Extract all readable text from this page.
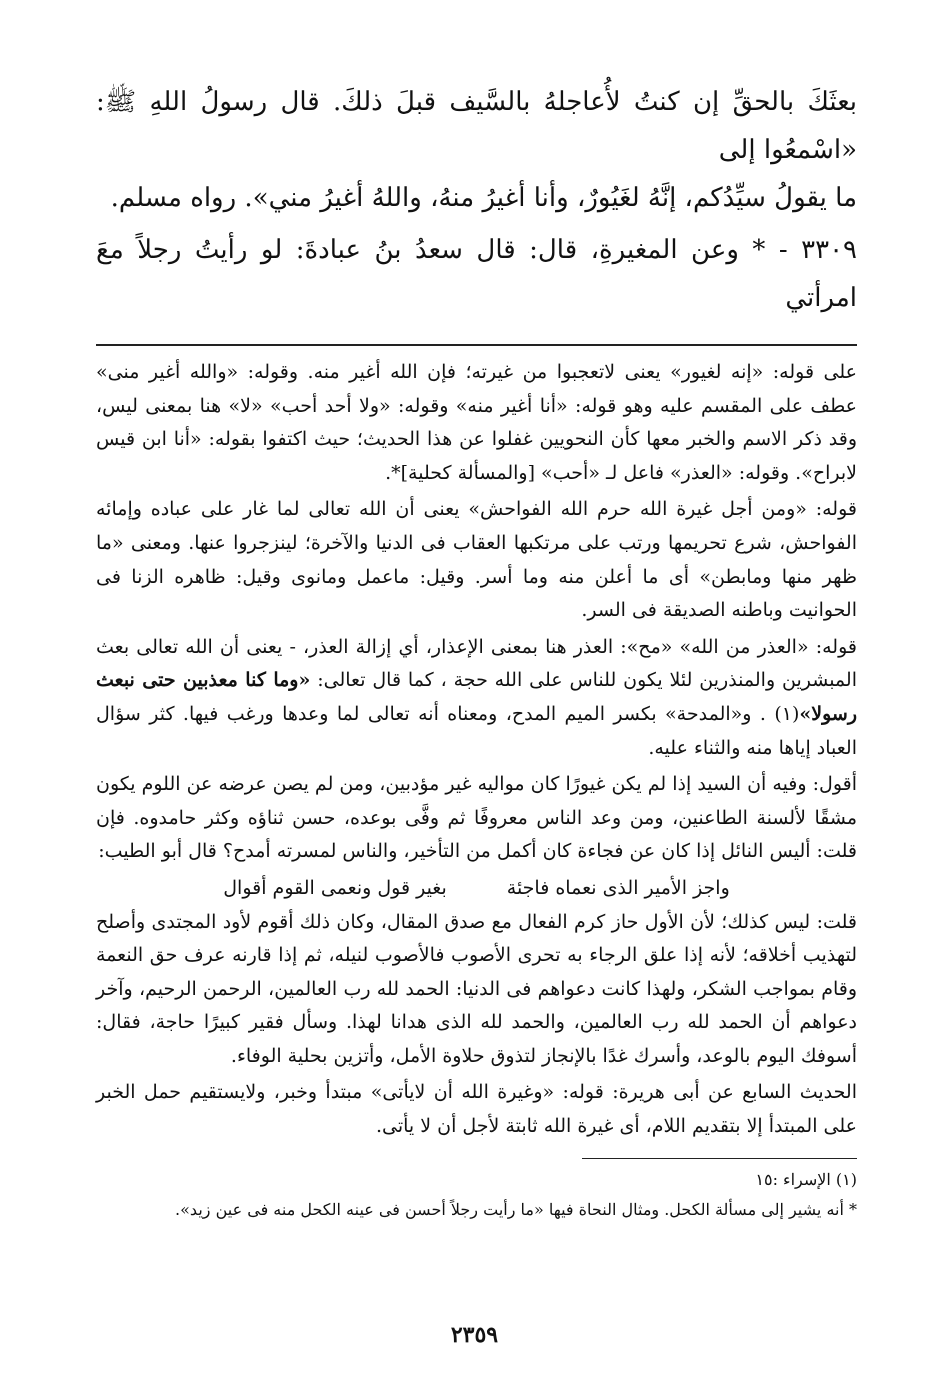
بعثَكَ بالحقِّ إن كنتُ لأُعاجلهُ بالسَّيف قبلَ ذلكَ. قال رسولُ اللهِ ﷺ: «اسْمعُوا إلى

ما يقولُ سيِّدُكم، إنَّهُ لغَيُورٌ، وأنا أغيرُ منهُ، واللهُ أغيرُ مني». رواه مسلم.

٣٣٠٩ - * وعن المغيرةِ، قال: قال سعدُ بنُ عبادةَ: لو رأيتُ رجلاً معَ امرأتي

على قوله: «إنه لغيور» يعنى لاتعجبوا من غيرته؛ فإن الله أغير منه. وقوله: «والله أغير منى» عطف على المقسم عليه وهو قوله: «أنا أغير منه» وقوله: «ولا أحد أحب» «لا» هنا بمعنى ليس، وقد ذكر الاسم والخبر معها كأن النحويين غفلوا عن هذا الحديث؛ حيث اكتفوا بقوله: «أنا ابن قيس لابراح». وقوله: «العذر» فاعل لـ «أحب» [والمسألة كحلية]*.

قوله: «ومن أجل غيرة الله حرم الله الفواحش» يعنى أن الله تعالى لما غار على عباده وإمائه الفواحش، شرع تحريمها ورتب على مرتكبها العقاب فى الدنيا والآخرة؛ لينزجروا عنها. ومعنى «ما ظهر منها ومابطن» أى ما أعلن منه وما أسر. وقيل: ماعمل ومانوى وقيل: ظاهره الزنا فى الحوانيت وباطنه الصديقة فى السر.

قوله: «العذر من الله» «مح»: العذر هنا بمعنى الإعذار، أي إزالة العذر، - يعنى أن الله تعالى بعث المبشرين والمنذرين لئلا يكون للناس على الله حجة ، كما قال تعالى: «وما كنا معذبين حتى نبعث رسولا»(١) . و«المدحة» بكسر الميم المدح، ومعناه أنه تعالى لما وعدها ورغب فيها. كثر سؤال العباد إياها منه والثناء عليه.

أقول: وفيه أن السيد إذا لم يكن غيورًا كان مواليه غير مؤدبين، ومن لم يصن عرضه عن اللوم يكون مشقًا لألسنة الطاعنين، ومن وعد الناس معروفًا ثم وفَّى بوعده، حسن ثناؤه وكثر حامدوه. فإن قلت: أليس النائل إذا كان عن فجاءة كان أكمل من التأخير، والناس لمسرته أمدح؟ قال أبو الطيب:

واجز الأمير الذى نعماه فاجئة
بغير قول ونعمى القوم أقوال

قلت: ليس كذلك؛ لأن الأول حاز كرم الفعال مع صدق المقال، وكان ذلك أقوم لأود المجتدى وأصلح لتهذيب أخلاقه؛ لأنه إذا علق الرجاء به تحرى الأصوب فالأصوب لنيله، ثم إذا قارنه عرف حق النعمة وقام بمواجب الشكر، ولهذا كانت دعواهم فى الدنيا: الحمد لله رب العالمين، الرحمن الرحيم، وآخر دعواهم أن الحمد لله رب العالمين، والحمد لله الذى هدانا لهذا. وسأل فقير كبيرًا حاجة، فقال: أسوفك اليوم بالوعد، وأسرك غدًا بالإنجاز لتذوق حلاوة الأمل، وأتزين بحلية الوفاء.

الحديث السابع عن أبى هريرة: قوله: «وغيرة الله أن لايأتى» مبتدأ وخبر، ولايستقيم حمل الخبر على المبتدأ إلا بتقديم اللام، أى غيرة الله ثابتة لأجل أن لا يأتى.

(١) الإسراء :١٥

* أنه يشير إلى مسألة الكحل. ومثال النحاة فيها «ما رأيت رجلاً أحسن فى عينه الكحل منه فى عين زيد».

٢٣٥٩
